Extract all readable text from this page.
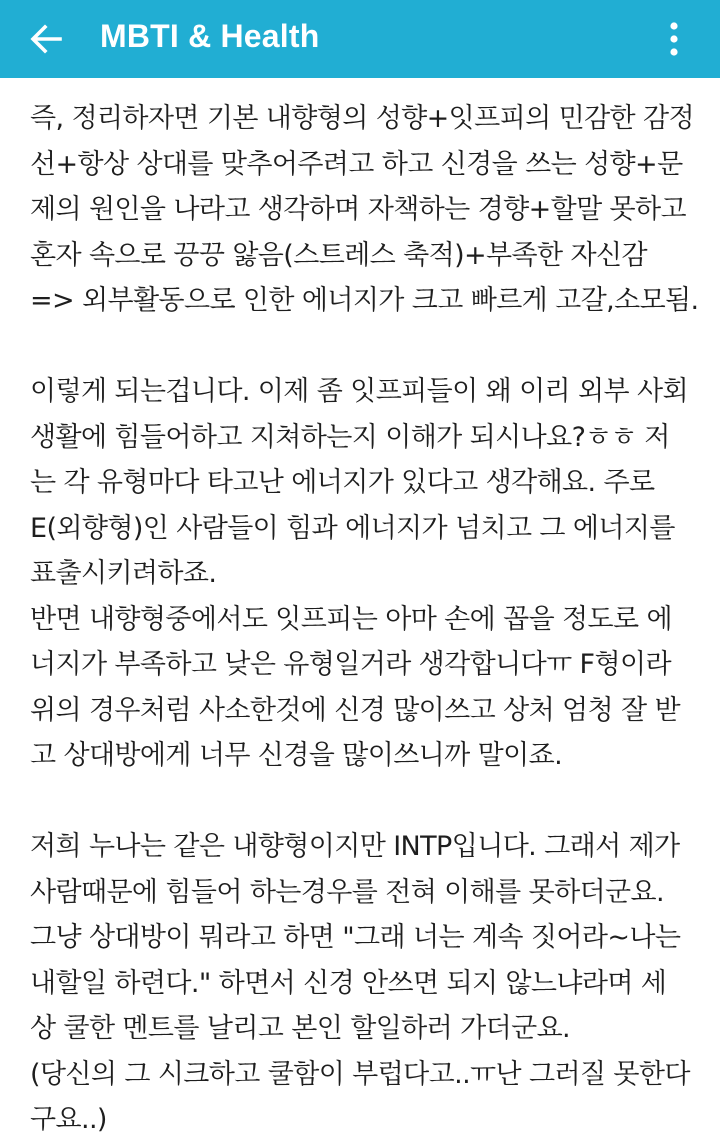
MBTI & Health
즉, 정리하자면 기본 내향형의 성향+잇프피의 민감한 감정
선+항상 상대를 맞추어주려고 하고 신경을 쓰는 성향+문
제의 원인을 나라고 생각하며 자책하는 경향+할말 못하고
혼자 속으로 끙끙 앓음(스트레스 축적)+부족한 자신감
=> 외부활동으로 인한 에너지가 크고 빠르게 고갈,소모됨.
이렇게 되는겁니다. 이제 좀 잇프피들이 왜 이리 외부 사회
생활에 힘들어하고 지쳐하는지 이해가 되시나요?ㅎㅎ 저
는 각 유형마다 타고난 에너지가 있다고 생각해요. 주로
E(외향형)인 사람들이 힘과 에너지가 넘치고 그 에너지를
표출시키려하죠.
반면 내향형중에서도 잇프피는 아마 손에 꼽을 정도로 에
너지가 부족하고 낮은 유형일거라 생각합니다ㅠ F형이라
위의 경우처럼 사소한것에 신경 많이쓰고 상처 엄청 잘 받
고 상대방에게 너무 신경을 많이쓰니까 말이죠.
저희 누나는 같은 내향형이지만 INTP입니다. 그래서 제가
사람때문에 힘들어 하는경우를 전혀 이해를 못하더군요.
그냥 상대방이 뭐라고 하면 "그래 너는 계속 짓어라~나는
내할일 하련다." 하면서 신경 안쓰면 되지 않느냐라며 세
상 쿨한 멘트를 날리고 본인 할일하러 가더군요.
(당신의 그 시크하고 쿨함이 부럽다고..ㅠ난 그러질 못한다
구요..)
